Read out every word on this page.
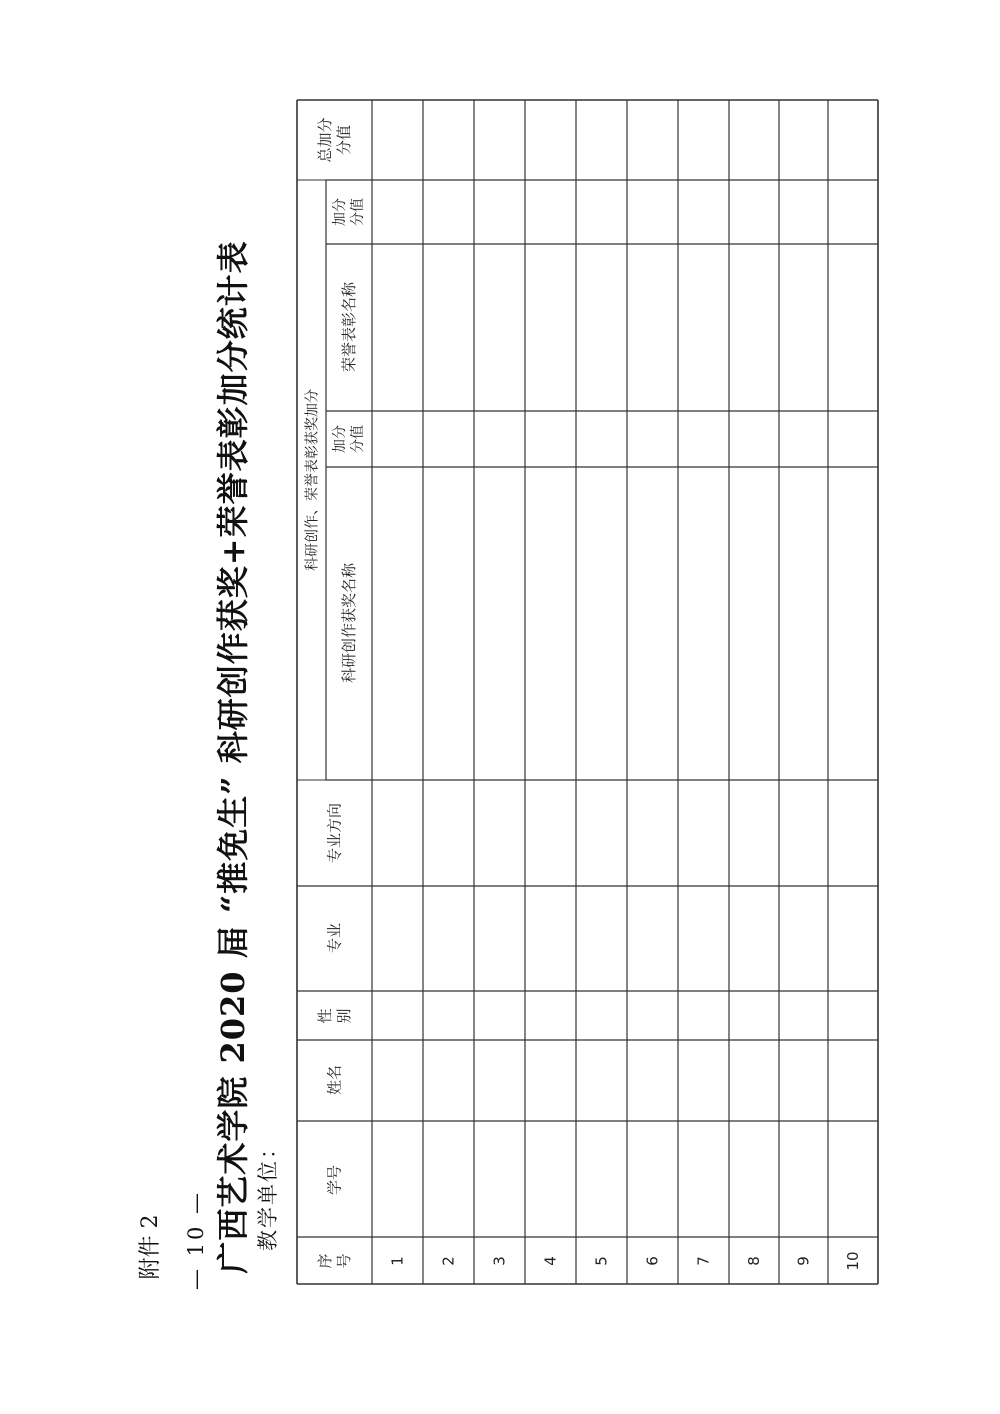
附件 2 广西艺术学院 2020 届 “推免生” 科研创作获奖+荣誉表彰加分统计表 教学单位：
— 10 —	序 号
学号
姓名
性 别
专业
专业方向
科研创作、荣誉表彰获奖加分
科研创作获奖名称
加分 分值
荣誉表彰名称
加分 分值
总加分 分值
1 2 3 4 5 6 7 8 9 10
